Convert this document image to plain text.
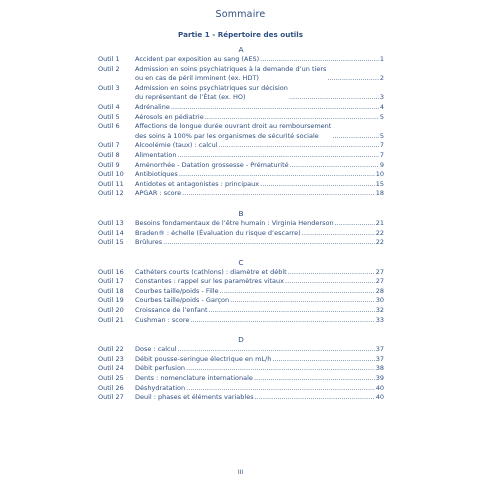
Sommaire
Partie 1 - Répertoire des outils
A
Outil 1	Accident par exposition au sang (AES) .....	1
Outil 2	Admission en soins psychiatriques à la demande d’un tiers
ou en cas de péril imminent (ex. HDT) .....	2
Outil 3	Admission en soins psychiatriques sur décision
du représentant de l’État (ex. HO) .....	3
Outil 4	Adrénaline .....	4
Outil 5	Aérosols en pédiatrie .....	5
Outil 6	Affections de longue durée ouvrant droit au remboursement
des soins à 100% par les organismes de sécurité sociale .....	5
Outil 7	Alcoolémie (taux) : calcul .....	7
Outil 8	Alimentation .....	7
Outil 9	Aménorrhée - Datation grossesse - Prématurité .....	9
Outil 10	Antibiotiques .....	10
Outil 11	Antidotes et antagonistes : principaux .....	15
Outil 12	APGAR : score .....	18
B
Outil 13	Besoins fondamentaux de l’être humain : Virginia Henderson .....	21
Outil 14	Braden® : échelle (Évaluation du risque d’escarre) .....	22
Outil 15	Brûlures .....	22
C
Outil 16	Cathéters courts (cathlons) : diamètre et débit .....	27
Outil 17	Constantes : rappel sur les paramètres vitaux .....	27
Outil 18	Courbes taille/poids - Fille .....	28
Outil 19	Courbes taille/poids - Garçon .....	30
Outil 20	Croissance de l’enfant .....	32
Outil 21	Cushman : score .....	33
D
Outil 22	Dose : calcul .....	37
Outil 23	Débit pousse-seringue électrique en mL/h .....	37
Outil 24	Débit perfusion .....	38
Outil 25	Dents : nomenclature internationale .....	39
Outil 26	Déshydratation .....	40
Outil 27	Deuil : phases et éléments variables .....	40
III
